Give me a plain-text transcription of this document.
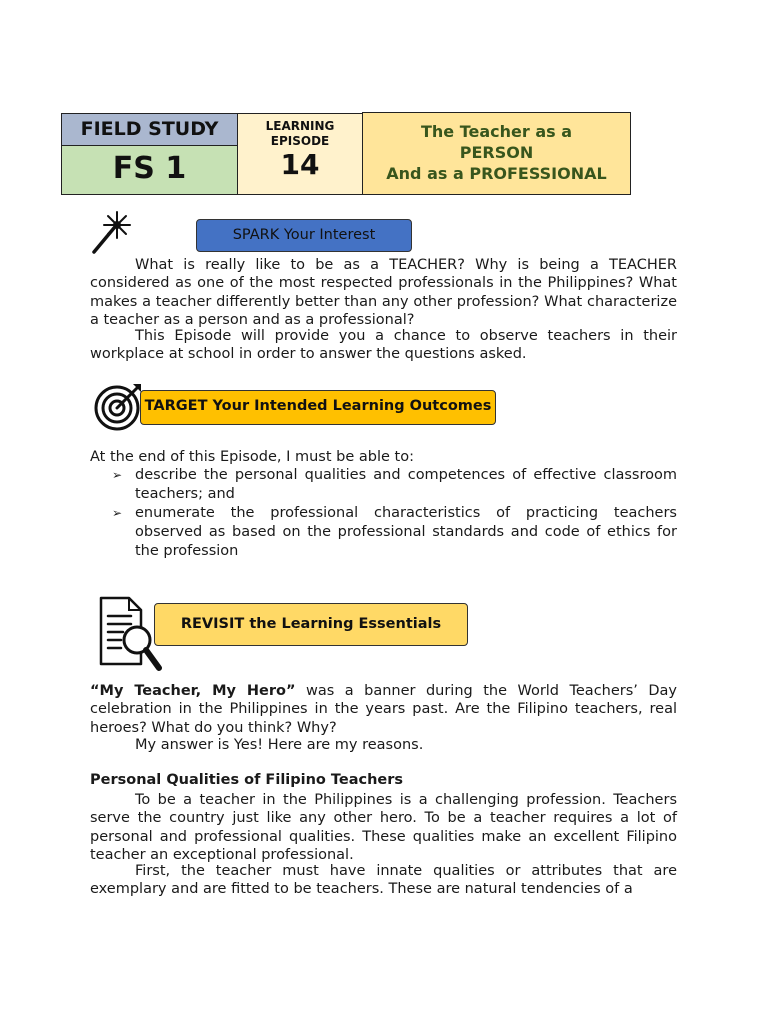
FIELD STUDY
FS 1
LEARNING
EPISODE
14
The Teacher as a
PERSON
And as a PROFESSIONAL
SPARK Your Interest

What is really like to be as a TEACHER? Why is being a TEACHER considered as one of the most respected professionals in the Philippines? What makes a teacher differently better than any other profession? What characterize a teacher as a person and as a professional?

This Episode will provide you a chance to observe teachers in their workplace at school in order to answer the questions asked.

TARGET Your Intended Learning Outcomes

At the end of this Episode, I must be able to:

➢ describe the personal qualities and competences of effective classroom teachers; and
➢ enumerate the professional characteristics of practicing teachers observed as based on the professional standards and code of ethics for the profession
REVISIT the Learning Essentials

“My Teacher, My Hero” was a banner during the World Teachers’ Day celebration in the Philippines in the years past. Are the Filipino teachers, real heroes? What do you think? Why?

My answer is Yes! Here are my reasons.

Personal Qualities of Filipino Teachers

To be a teacher in the Philippines is a challenging profession. Teachers serve the country just like any other hero. To be a teacher requires a lot of personal and professional qualities. These qualities make an excellent Filipino teacher an exceptional professional.

First, the teacher must have innate qualities or attributes that are exemplary and are fitted to be teachers. These are natural tendencies of a
